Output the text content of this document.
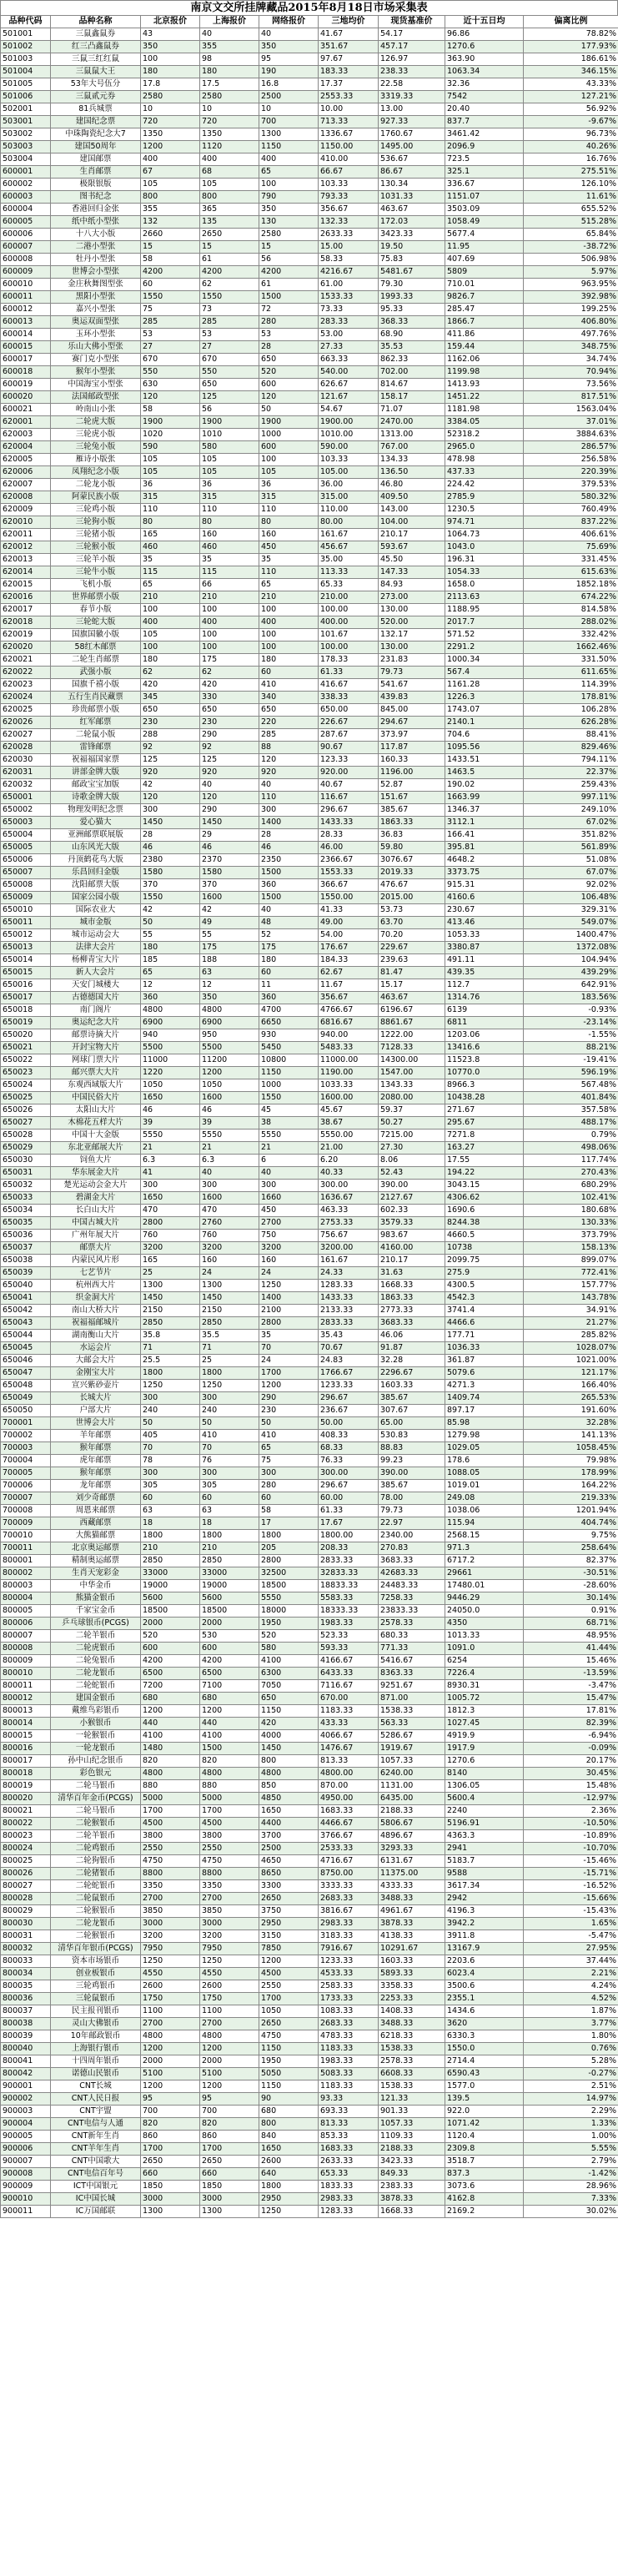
南京文交所挂牌藏品2015年8月18日市场采集表
品种代码	品种名称	北京报价	上海报价	网络报价	三地均价	现货基准价	近十五日均	偏离比例
501001	三鼠鑫鼠券	43	40	40	41.67	54.17	96.86	78.82%
501002	红三凸鑫鼠券	350	355	350	351.67	457.17	1270.6	177.93%
501003	三鼠三红红鼠	100	98	95	97.67	126.97	363.90	186.61%
501004	三鼠鼠大王	180	180	190	183.33	238.33	1063.34	346.15%
501005	53年大号伍分	17.8	17.5	16.8	17.37	22.58	32.36	43.33%
501006	三鼠贰元券	2580	2580	2500	2553.33	3319.33	7542	127.21%
502001	81兵城票	10	10	10	10.00	13.00	20.40	56.92%
503001	建国纪念票	720	720	700	713.33	927.33	837.7	-9.67%
503002	中珠陶瓷纪念大7	1350	1350	1300	1336.67	1760.67	3461.42	96.73%
503003	建国50周年	1200	1120	1150	1150.00	1495.00	2096.9	40.26%
503004	建国邮票	400	400	400	410.00	536.67	723.5	16.76%
600001	生肖邮票	67	68	65	66.67	86.67	325.1	275.51%
600002	极限银版	105	105	100	103.33	130.34	336.67	126.10%
600003	图书纪念	800	800	790	793.33	1031.33	1151.07	11.61%
600004	香港回归金张	355	365	350	356.67	463.67	3503.09	655.52%
600005	纸中纸小型张	132	135	130	132.33	172.03	1058.49	515.28%
600006	十八大小版	2660	2650	2580	2633.33	3423.33	5677.4	65.84%
600007	二港小型张	15	15	15	15.00	19.50	11.95	-38.72%
600008	牡丹小型张	58	61	56	58.33	75.83	407.69	506.98%
600009	世博会小型张	4200	4200	4200	4216.67	5481.67	5809	5.97%
600010	金庄秋舞图型张	60	62	61	61.00	79.30	710.01	963.95%
600011	黑阳小型张	1550	1550	1500	1533.33	1993.33	9826.7	392.98%
600012	嘉兴小型张	75	73	72	73.33	95.33	285.47	199.25%
600013	奥运双面型张	285	285	280	283.33	368.33	1866.7	406.80%
600014	玉环小型张	53	53	53	53.00	68.90	411.86	497.76%
600015	乐山大佛小型张	27	27	28	27.33	35.53	159.44	348.75%
600017	赛门克小型张	670	670	650	663.33	862.33	1162.06	34.74%
600018	猴年小型张	550	550	520	540.00	702.00	1199.98	70.94%
600019	中国海宝小型张	630	650	600	626.67	814.67	1413.93	73.56%
600020	法国邮政型张	120	125	120	121.67	158.17	1451.22	817.51%
600021	岭南山小张	58	56	50	54.67	71.07	1181.98	1563.04%
620001	二轮虎大版	1900	1900	1900	1900.00	2470.00	3384.05	37.01%
620003	三轮虎小版	1020	1010	1000	1010.00	1313.00	52318.2	3884.63%
620004	三轮兔小版	590	580	600	590.00	767.00	2965.0	286.57%
620005	雁诗小版张	105	105	100	103.33	134.33	478.98	256.58%
620006	凤翔纪念小版	105	105	105	105.00	136.50	437.33	220.39%
620007	二轮龙小版	36	36	36	36.00	46.80	224.42	379.53%
620008	阿蒙民族小版	315	315	315	315.00	409.50	2785.9	580.32%
620009	三轮鸡小版	110	110	110	110.00	143.00	1230.5	760.49%
620010	三轮狗小版	80	80	80	80.00	104.00	974.71	837.22%
620011	三轮猪小版	165	160	160	161.67	210.17	1064.73	406.61%
620012	三轮猴小版	460	460	450	456.67	593.67	1043.0	75.69%
620013	三轮羊小版	35	35	35	35.00	45.50	196.31	331.45%
620014	三轮牛小版	115	115	110	113.33	147.33	1054.33	615.63%
620015	飞机小版	65	66	65	65.33	84.93	1658.0	1852.18%
620016	世界邮票小版	210	210	210	210.00	273.00	2113.63	674.22%
620017	春节小版	100	100	100	100.00	130.00	1188.95	814.58%
620018	三轮蛇大版	400	400	400	400.00	520.00	2017.7	288.02%
620019	国旗国徽小版	105	100	100	101.67	132.17	571.52	332.42%
620020	58红木邮票	100	100	100	100.00	130.00	2291.2	1662.46%
620021	二轮生肖邮票	180	175	180	178.33	231.83	1000.34	331.50%
620022	武强小版	62	62	60	61.33	79.73	567.4	611.65%
620023	国旗千禧小版	420	420	410	416.67	541.67	1161.28	114.39%
620024	五行生肖民藏票	345	330	340	338.33	439.83	1226.3	178.81%
620025	珍贵邮票小版	650	650	650	650.00	845.00	1743.07	106.28%
620026	红军邮票	230	230	220	226.67	294.67	2140.1	626.28%
620027	二轮鼠小版	288	290	285	287.67	373.97	704.6	88.41%
620028	雷锋邮票	92	92	88	90.67	117.87	1095.56	829.46%
620030	祝福福国家票	125	125	120	123.33	160.33	1433.51	794.11%
620031	讲部金牌大版	920	920	920	920.00	1196.00	1463.5	22.37%
620032	邮政宝宝加版	42	40	40	40.67	52.87	190.02	259.43%
650001	诗歌金牌大版	120	120	110	116.67	151.67	1663.99	997.11%
650002	物理发明纪念票	300	290	300	296.67	385.67	1346.37	249.10%
650003	爱心猫大	1450	1450	1400	1433.33	1863.33	3112.1	67.02%
650004	亚洲邮票联展版	28	29	28	28.33	36.83	166.41	351.82%
650005	山东风光大版	46	46	46	46.00	59.80	395.81	561.89%
650006	丹顶鹤花鸟大版	2380	2370	2350	2366.67	3076.67	4648.2	51.08%
650007	乐昌回归金版	1580	1580	1500	1553.33	2019.33	3373.75	67.07%
650008	沈阳邮票大版	370	370	360	366.67	476.67	915.31	92.02%
650009	国家公园小版	1550	1600	1500	1550.00	2015.00	4160.6	106.48%
650010	国际农业大	42	42	40	41.33	53.73	230.67	329.31%
650011	城市金版	50	49	48	49.00	63.70	413.46	549.07%
650012	城市运动会大	55	55	52	54.00	70.20	1053.33	1400.47%
650013	法律大会片	180	175	175	176.67	229.67	3380.87	1372.08%
650014	杨柳青宝大片	185	188	180	184.33	239.63	491.11	104.94%
650015	新人大会片	65	63	60	62.67	81.47	439.35	439.29%
650016	天安门城楼大	12	12	11	11.67	15.17	112.7	642.91%
650017	古德德国大片	360	350	360	356.67	463.67	1314.76	183.56%
650018	南门阁片	4800	4800	4700	4766.67	6196.67	6139	-0.93%
650019	奥运纪念大片	6900	6900	6650	6816.67	8861.67	6811	-23.14%
650020	邮票诗摘大片	940	950	930	940.00	1222.00	1203.06	-1.55%
650021	开封宝物大片	5500	5500	5450	5483.33	7128.33	13416.6	88.21%
650022	网球门票大片	11000	11200	10800	11000.00	14300.00	11523.8	-19.41%
650023	邮兴票大大片	1220	1200	1150	1190.00	1547.00	10770.0	596.19%
650024	东观西域版大片	1050	1050	1000	1033.33	1343.33	8966.3	567.48%
650025	中国民俗大片	1650	1600	1550	1600.00	2080.00	10438.28	401.84%
650026	太阳山大片	46	46	45	45.67	59.37	271.67	357.58%
650027	木棉花五样大片	39	39	38	38.67	50.27	295.67	488.17%
650028	中国十大金版	5550	5550	5550	5550.00	7215.00	7271.8	0.79%
650029	东北亚邮展大片	21	21	21	21.00	27.30	163.27	498.06%
650030	饲鱼大片	6.3	6.3	6	6.20	8.06	17.55	117.74%
650031	华东展金大片	41	40	40	40.33	52.43	194.22	270.43%
650032	楚光运动会金大片	300	300	300	300.00	390.00	3043.15	680.29%
650033	碧湖金大片	1650	1600	1660	1636.67	2127.67	4306.62	102.41%
650034	长白山大片	470	470	450	463.33	602.33	1690.6	180.68%
650035	中国古城大片	2800	2760	2700	2753.33	3579.33	8244.38	130.33%
650036	广州年展大片	760	760	750	756.67	983.67	4660.5	373.79%
650037	邮票大片	3200	3200	3200	3200.00	4160.00	10738	158.13%
650038	内蒙民风片形	165	160	160	161.67	210.17	2099.75	899.07%
650039	七艺节片	25	24	24	24.33	31.63	275.9	772.41%
650040	杭州西大片	1300	1300	1250	1283.33	1668.33	4300.5	157.77%
650041	织金洞大片	1450	1450	1400	1433.33	1863.33	4542.3	143.78%
650042	南山大桥大片	2150	2150	2100	2133.33	2773.33	3741.4	34.91%
650043	祝福福邮城片	2850	2850	2800	2833.33	3683.33	4466.6	21.27%
650044	湖南衡山大片	35.8	35.5	35	35.43	46.06	177.71	285.82%
650045	水运会片	71	71	70	70.67	91.87	1036.33	1028.07%
650046	大邮会大片	25.5	25	24	24.83	32.28	361.87	1021.00%
650047	金刚宝大片	1800	1800	1700	1766.67	2296.67	5079.6	121.17%
650048	宣兴紫砂壶片	1250	1250	1200	1233.33	1603.33	4271.3	166.40%
650049	长城大片	300	300	290	296.67	385.67	1409.74	265.53%
650050	户部大片	240	240	230	236.67	307.67	897.17	191.60%
700001	世博会大片	50	50	50	50.00	65.00	85.98	32.28%
700002	羊年邮票	405	410	410	408.33	530.83	1279.98	141.13%
700003	猴年邮票	70	70	65	68.33	88.83	1029.05	1058.45%
700004	虎年邮票	78	76	75	76.33	99.23	178.6	79.98%
700005	猴年邮票	300	300	300	300.00	390.00	1088.05	178.99%
700006	龙年邮票	305	305	280	296.67	385.67	1019.01	164.22%
700007	刘少奇邮票	60	60	60	60.00	78.00	249.08	219.33%
700008	周恩来邮票	63	63	58	61.33	79.73	1038.06	1201.94%
700009	西藏邮票	18	18	17	17.67	22.97	115.94	404.74%
700010	大熊猫邮票	1800	1800	1800	1800.00	2340.00	2568.15	9.75%
700011	北京奥运邮票	210	210	205	208.33	270.83	971.3	258.64%
800001	精制奥运邮票	2850	2850	2800	2833.33	3683.33	6717.2	82.37%
800002	生肖天宠彩金	33000	33000	32500	32833.33	42683.33	29661	-30.51%
800003	中华金币	19000	19000	18500	18833.33	24483.33	17480.01	-28.60%
800004	熊猫金银币	5600	5600	5550	5583.33	7258.33	9446.29	30.14%
800005	千家宝金币	18500	18500	18000	18333.33	23833.33	24050.0	0.91%
800006	乒乓球银币(PCGS)	2000	2000	1950	1983.33	2578.33	4350	68.71%
800007	二轮羊银币	520	530	520	523.33	680.33	1013.33	48.95%
800008	二轮虎银币	600	600	580	593.33	771.33	1091.0	41.44%
800009	二轮兔银币	4200	4200	4100	4166.67	5416.67	6254	15.46%
800010	二轮龙银币	6500	6500	6300	6433.33	8363.33	7226.4	-13.59%
800011	二轮蛇银币	7200	7100	7050	7116.67	9251.67	8930.31	-3.47%
800012	建国金银币	680	680	650	670.00	871.00	1005.72	15.47%
800013	戴维鸟彩银币	1200	1200	1150	1183.33	1538.33	1812.3	17.81%
800014	小猴银币	440	440	420	433.33	563.33	1027.45	82.39%
800015	一轮猴银币	4100	4100	4000	4066.67	5286.67	4919.9	-6.94%
800016	一轮龙银币	1480	1500	1450	1476.67	1919.67	1917.9	-0.09%
800017	孙中山纪念银币	820	820	800	813.33	1057.33	1270.6	20.17%
800018	彩色银元	4800	4800	4800	4800.00	6240.00	8140	30.45%
800019	二轮马银币	880	880	850	870.00	1131.00	1306.05	15.48%
800020	清华百年金币(PCGS)	5000	5000	4850	4950.00	6435.00	5600.4	-12.97%
800021	二轮马银币	1700	1700	1650	1683.33	2188.33	2240	2.36%
800022	二轮猴银币	4500	4500	4400	4466.67	5806.67	5196.91	-10.50%
800023	二轮羊银币	3800	3800	3700	3766.67	4896.67	4363.3	-10.89%
800024	二轮鸡银币	2550	2550	2500	2533.33	3293.33	2941	-10.70%
800025	二轮狗银币	4750	4750	4650	4716.67	6131.67	5183.7	-15.46%
800026	二轮猪银币	8800	8800	8650	8750.00	11375.00	9588	-15.71%
800027	二轮蛇银币	3350	3350	3300	3333.33	4333.33	3617.34	-16.52%
800028	二轮鼠银币	2700	2700	2650	2683.33	3488.33	2942	-15.66%
800029	二轮猴银币	3850	3850	3750	3816.67	4961.67	4196.3	-15.43%
800030	二轮龙银币	3000	3000	2950	2983.33	3878.33	3942.2	1.65%
800031	二轮猴银币	3200	3200	3150	3183.33	4138.33	3911.8	-5.47%
800032	清华百年银币(PCGS)	7950	7950	7850	7916.67	10291.67	13167.9	27.95%
800033	资本市场银币	1250	1250	1200	1233.33	1603.33	2203.6	37.44%
800034	创业板银币	4550	4550	4500	4533.33	5893.33	6023.4	2.21%
800035	三轮鸡银币	2600	2600	2550	2583.33	3358.33	3500.6	4.24%
800036	三轮鼠银币	1750	1750	1700	1733.33	2253.33	2355.1	4.52%
800037	民主报刊银币	1100	1100	1050	1083.33	1408.33	1434.6	1.87%
800038	灵山大佛银币	2700	2700	2650	2683.33	3488.33	3620	3.77%
800039	10年邮政银币	4800	4800	4750	4783.33	6218.33	6330.3	1.80%
800040	上海银行银币	1200	1200	1150	1183.33	1538.33	1550.0	0.76%
800041	十四周年银币	2000	2000	1950	1983.33	2578.33	2714.4	5.28%
800042	诺德山民银币	5100	5100	5050	5083.33	6608.33	6590.43	-0.27%
900001	CNT长城	1200	1200	1150	1183.33	1538.33	1577.0	2.51%
900002	CNT人民日报	95	95	90	93.33	121.33	139.5	14.97%
900003	CNT宇盟	700	700	680	693.33	901.33	922.0	2.29%
900004	CNT电信与人通	820	820	800	813.33	1057.33	1071.42	1.33%
900005	CNT新年生肖	860	860	840	853.33	1109.33	1120.4	1.00%
900006	CNT羊年生肖	1700	1700	1650	1683.33	2188.33	2309.8	5.55%
900007	CNT中国歌大	2650	2650	2600	2633.33	3423.33	3518.7	2.79%
900008	CNT电信百年号	660	660	640	653.33	849.33	837.3	-1.42%
900009	ICT中国银元	1850	1850	1800	1833.33	2383.33	3073.6	28.96%
900010	IC中国长城	3000	3000	2950	2983.33	3878.33	4162.8	7.33%
900011	IC万国邮联	1300	1300	1250	1283.33	1668.33	2169.2	30.02%
